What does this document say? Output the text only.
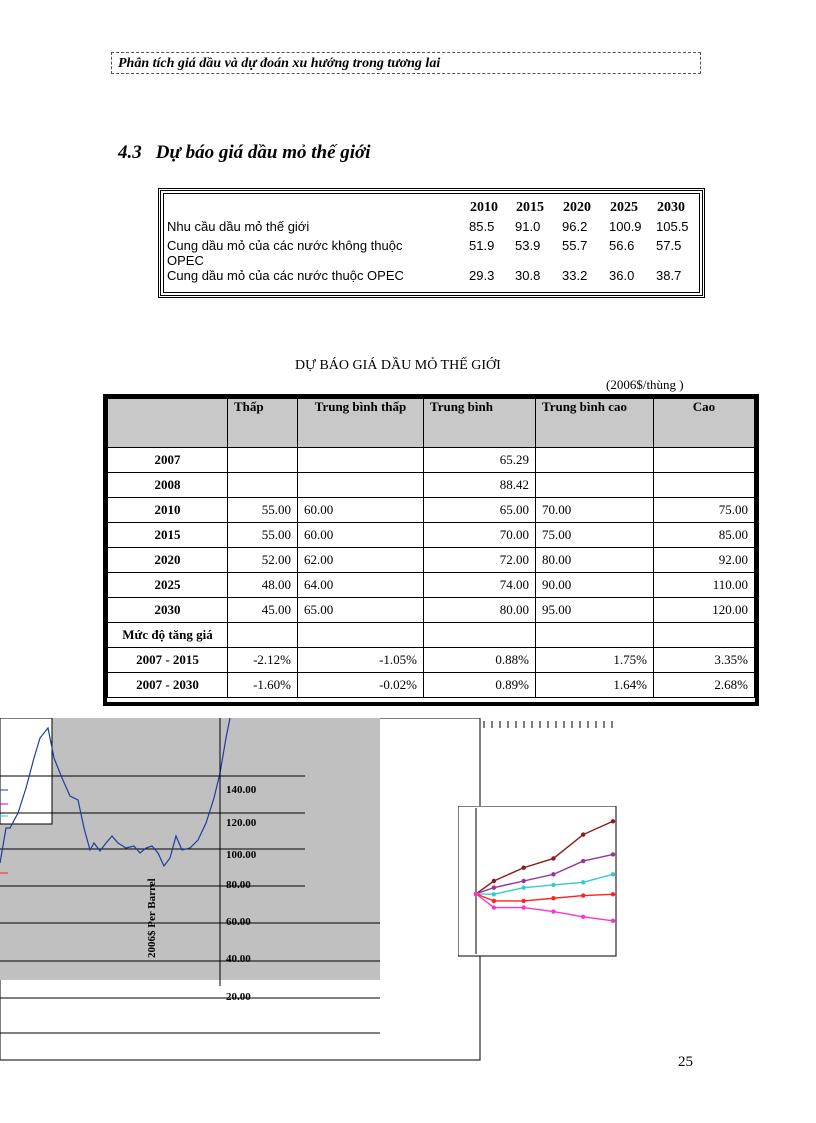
Phân tích giá dầu và dự đoán xu hướng trong tương lai
4.3 Dự báo giá dầu mỏ thế giới
	2010	2015	2020	2025	2030
Nhu cầu dầu mỏ thế giới	85.5	91.0	96.2	100.9	105.5
Cung dầu mỏ của các nước không thuộc
OPEC	51.9	53.9	55.7	56.6	57.5
Cung dầu mỏ của các nước thuộc OPEC	29.3	30.8	33.2	36.0	38.7
DỰ BÁO GIÁ DẦU MỎ THẾ GIỚI
(2006$/thùng )
	Thấp	Trung bình thấp	Trung bình	Trung bình cao	Cao
2007			65.29		
2008			88.42		
2010	55.00	60.00	65.00	70.00	75.00
2015	55.00	60.00	70.00	75.00	85.00
2020	52.00	62.00	72.00	80.00	92.00
2025	48.00	64.00	74.00	90.00	110.00
2030	45.00	65.00	80.00	95.00	120.00
Mức độ tăng giá					
2007 - 2015	-2.12%	-1.05%	0.88%	1.75%	3.35%
2007 - 2030	-1.60%	-0.02%	0.89%	1.64%	2.68%
140.00
120.00
100.00
80.00
60.00
40.00
20.00
2006$ Per Barrel
25
